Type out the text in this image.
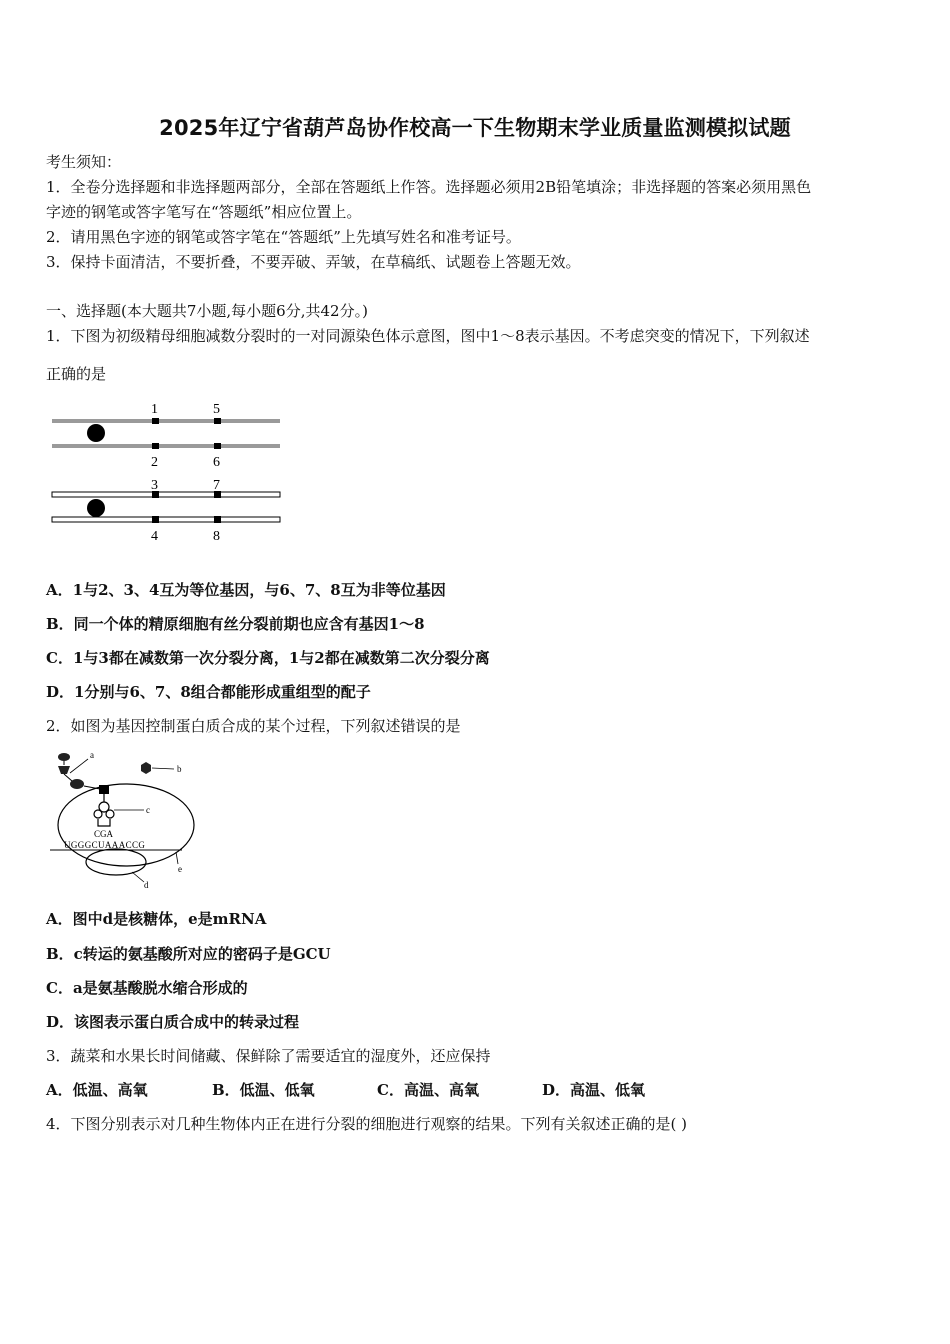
2025年辽宁省葫芦岛协作校高一下生物期末学业质量监测模拟试题
考生须知：
1．全卷分选择题和非选择题两部分，全部在答题纸上作答。选择题必须用2B铅笔填涂；非选择题的答案必须用黑色
字迹的钢笔或答字笔写在“答题纸”相应位置上。
2．请用黑色字迹的钢笔或答字笔在“答题纸”上先填写姓名和准考证号。
3．保持卡面清洁，不要折叠，不要弄破、弄皱，在草稿纸、试题卷上答题无效。
一、选择题(本大题共7小题,每小题6分,共42分。)
1．下图为初级精母细胞减数分裂时的一对同源染色体示意图，图中1～8表示基因。不考虑突变的情况下，下列叙述
正确的是
1	5
2	6
3	7
4	8
A．1与2、3、4互为等位基因，与6、7、8互为非等位基因
B．同一个体的精原细胞有丝分裂前期也应含有基因1～8
C．1与3都在减数第一次分裂分离，1与2都在减数第二次分裂分离
D．1分别与6、7、8组合都能形成重组型的配子
2．如图为基因控制蛋白质合成的某个过程，下列叙述错误的是
a
b
c
CGA
UGGGCUAAACCG
e
d
A．图中d是核糖体，e是mRNA
B．c转运的氨基酸所对应的密码子是GCU
C．a是氨基酸脱水缩合形成的
D．该图表示蛋白质合成中的转录过程
3．蔬菜和水果长时间储藏、保鲜除了需要适宜的湿度外，还应保持
A．低温、高氧	B．低温、低氧	C．高温、高氧	D．高温、低氧
4．下图分别表示对几种生物体内正在进行分裂的细胞进行观察的结果。下列有关叙述正确的是( )
